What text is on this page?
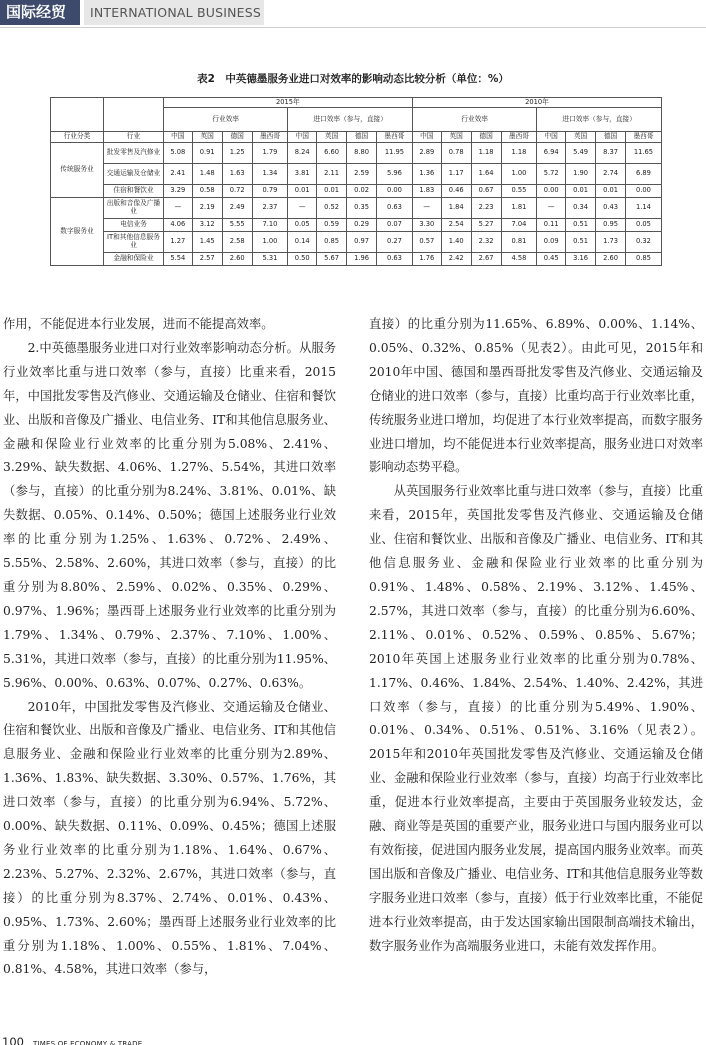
国际经贸	INTERNATIONAL BUSINESS
表2　中英德墨服务业进口对效率的影响动态比较分析（单位：%）
		2015年								2010年							
		行业效率				进口效率（参与，直接）				行业效率				进口效率（参与，直接）			
行业分类	行业	中国	英国	德国	墨西哥	中国	英国	德国	墨西哥	中国	英国	德国	墨西哥	中国	英国	德国	墨西哥
传统服务业	批发零售及汽修业	5.08	0.91	1.25	1.79	8.24	6.60	8.80	11.95	2.89	0.78	1.18	1.18	6.94	5.49	8.37	11.65
	交通运输及仓储业	2.41	1.48	1.63	1.34	3.81	2.11	2.59	5.96	1.36	1.17	1.64	1.00	5.72	1.90	2.74	6.89
	住宿和餐饮业	3.29	0.58	0.72	0.79	0.01	0.01	0.02	0.00	1.83	0.46	0.67	0.55	0.00	0.01	0.01	0.00
数字服务业	出版和音像及广播业	—	2.19	2.49	2.37	—	0.52	0.35	0.63	—	1.84	2.23	1.81	—	0.34	0.43	1.14
	电信业务	4.06	3.12	5.55	7.10	0.05	0.59	0.29	0.07	3.30	2.54	5.27	7.04	0.11	0.51	0.95	0.05
	IT和其他信息服务业	1.27	1.45	2.58	1.00	0.14	0.85	0.97	0.27	0.57	1.40	2.32	0.81	0.09	0.51	1.73	0.32
	金融和保险业	5.54	2.57	2.60	5.31	0.50	5.67	1.96	0.63	1.76	2.42	2.67	4.58	0.45	3.16	2.60	0.85

作用，不能促进本行业发展，进而不能提高效率。

2.中英德墨服务业进口对行业效率影响动态分析。从服务行业效率比重与进口效率（参与，直接）比重来看，2015年，中国批发零售及汽修业、交通运输及仓储业、住宿和餐饮业、出版和音像及广播业、电信业务、IT和其他信息服务业、金融和保险业行业效率的比重分别为5.08%、2.41%、3.29%、缺失数据、4.06%、1.27%、5.54%，其进口效率（参与，直接）的比重分别为8.24%、3.81%、0.01%、缺失数据、0.05%、0.14%、0.50%；德国上述服务业行业效率的比重分别为1.25%、1.63%、0.72%、2.49%、5.55%、2.58%、2.60%，其进口效率（参与，直接）的比重分别为8.80%、2.59%、0.02%、0.35%、0.29%、0.97%、1.96%；墨西哥上述服务业行业效率的比重分别为1.79%、1.34%、0.79%、2.37%、7.10%、1.00%、5.31%，其进口效率（参与，直接）的比重分别为11.95%、5.96%、0.00%、0.63%、0.07%、0.27%、0.63%。

2010年，中国批发零售及汽修业、交通运输及仓储业、住宿和餐饮业、出版和音像及广播业、电信业务、IT和其他信息服务业、金融和保险业行业效率的比重分别为2.89%、1.36%、1.83%、缺失数据、3.30%、0.57%、1.76%，其进口效率（参与，直接）的比重分别为6.94%、5.72%、0.00%、缺失数据、0.11%、0.09%、0.45%；德国上述服务业行业效率的比重分别为1.18%、1.64%、0.67%、2.23%、5.27%、2.32%、2.67%，其进口效率（参与，直接）的比重分别为8.37%、2.74%、0.01%、0.43%、0.95%、1.73%、2.60%；墨西哥上述服务业行业效率的比重分别为1.18%、1.00%、0.55%、1.81%、7.04%、0.81%、4.58%，其进口效率（参与，

直接）的比重分别为11.65%、6.89%、0.00%、1.14%、0.05%、0.32%、0.85%（见表2）。由此可见，2015年和2010年中国、德国和墨西哥批发零售及汽修业、交通运输及仓储业的进口效率（参与，直接）比重均高于行业效率比重，传统服务业进口增加，均促进了本行业效率提高，而数字服务业进口增加，均不能促进本行业效率提高，服务业进口对效率影响动态势平稳。

从英国服务行业效率比重与进口效率（参与，直接）比重来看，2015年，英国批发零售及汽修业、交通运输及仓储业、住宿和餐饮业、出版和音像及广播业、电信业务、IT和其他信息服务业、金融和保险业行业效率的比重分别为0.91%、1.48%、0.58%、2.19%、3.12%、1.45%、2.57%，其进口效率（参与，直接）的比重分别为6.60%、2.11%、0.01%、0.52%、0.59%、0.85%、5.67%；2010年英国上述服务业行业效率的比重分别为0.78%、1.17%、0.46%、1.84%、2.54%、1.40%、2.42%，其进口效率（参与，直接）的比重分别为5.49%、1.90%、0.01%、0.34%、0.51%、0.51%、3.16%（见表2）。2015年和2010年英国批发零售及汽修业、交通运输及仓储业、金融和保险业行业效率（参与，直接）均高于行业效率比重，促进本行业效率提高，主要由于英国服务业较发达，金融、商业等是英国的重要产业，服务业进口与国内服务业可以有效衔接，促进国内服务业发展，提高国内服务业效率。而英国出版和音像及广播业、电信业务、IT和其他信息服务业等数字服务业进口效率（参与，直接）低于行业效率比重，不能促进本行业效率提高，由于发达国家输出国限制高端技术输出，数字服务业作为高端服务业进口，未能有效发挥作用。

100 TIMES OF ECONOMY & TRADE
